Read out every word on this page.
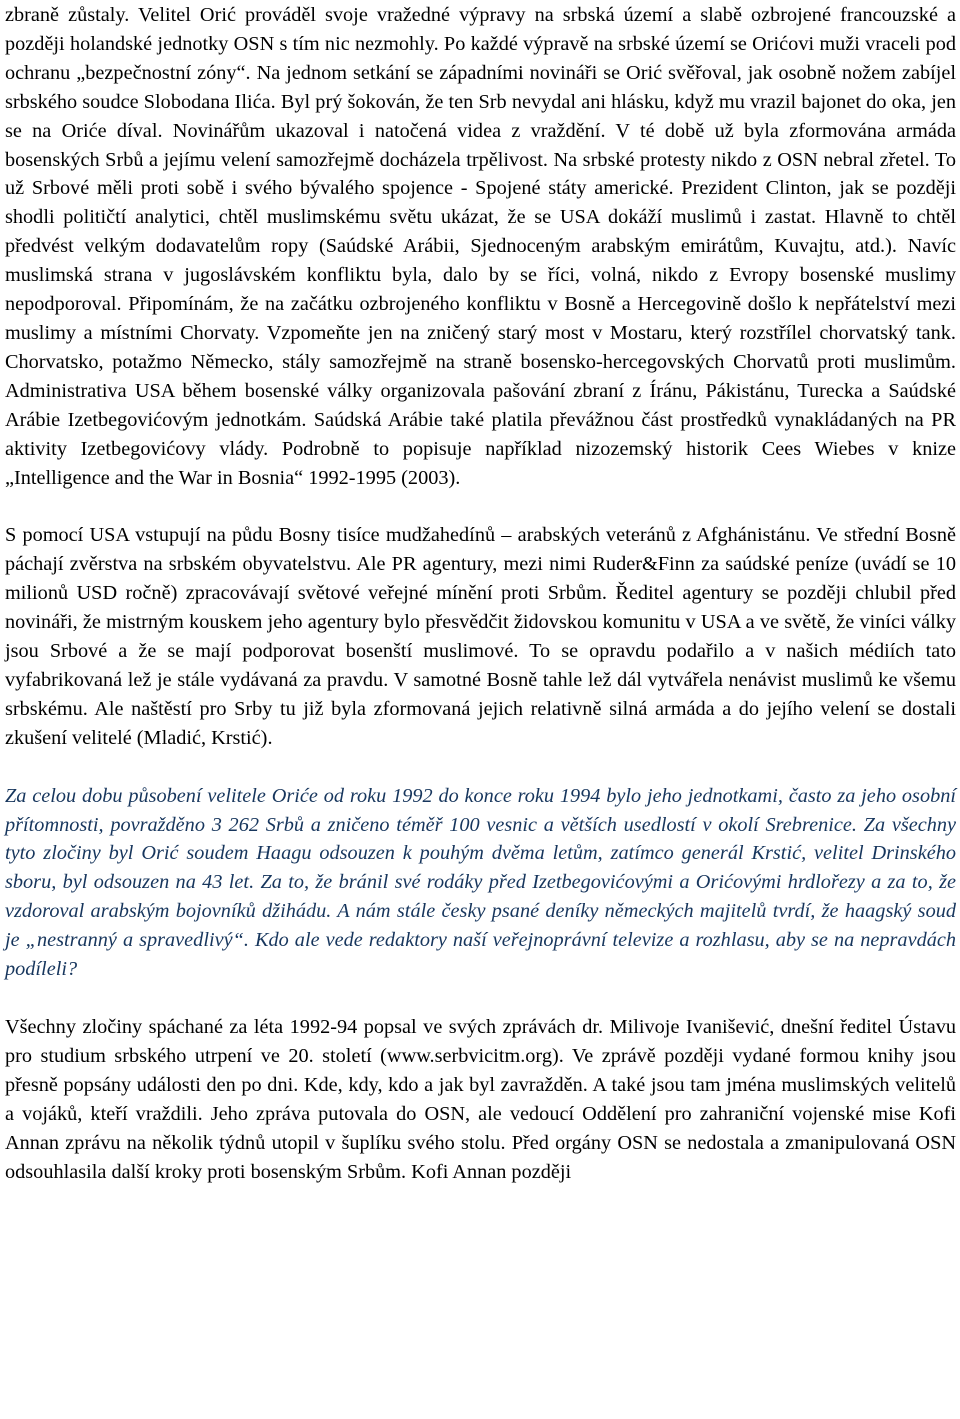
zbraně zůstaly. Velitel Orić prováděl svoje vražedné výpravy na srbská území a slabě ozbrojené francouzské a později holandské jednotky OSN s tím nic nezmohly. Po každé výpravě na srbské území se Orićovi muži vraceli pod ochranu „bezpečnostní zóny“. Na jednom setkání se západními novináři se Orić svěřoval, jak osobně nožem zabíjel srbského soudce Slobodana Ilića. Byl prý šokován, že ten Srb nevydal ani hlásku, když mu vrazil bajonet do oka, jen se na Oriće díval. Novinářům ukazoval i natočená videa z vraždění. V té době už byla zformována armáda bosenských Srbů a jejímu velení samozřejmě docházela trpělivost. Na srbské protesty nikdo z OSN nebral zřetel. To už Srbové měli proti sobě i svého bývalého spojence - Spojené státy americké. Prezident Clinton, jak se později shodli političtí analytici, chtěl muslimskému světu ukázat, že se USA dokáží muslimů i zastat. Hlavně to chtěl předvést velkým dodavatelům ropy (Saúdské Arábii, Sjednoceným arabským emirátům, Kuvajtu, atd.). Navíc muslimská strana v jugoslávském konfliktu byla, dalo by se říci, volná, nikdo z Evropy bosenské muslimy nepodporoval. Připomínám, že na začátku ozbrojeného konfliktu v Bosně a Hercegovině došlo k nepřátelství mezi muslimy a místními Chorvaty. Vzpomeňte jen na zničený starý most v Mostaru, který rozstřílel chorvatský tank. Chorvatsko, potažmo Německo, stály samozřejmě na straně bosensko-hercegovských Chorvatů proti muslimům. Administrativa USA během bosenské války organizovala pašování zbraní z Íránu, Pákistánu, Turecka a Saúdské Arábie Izetbegovićovým jednotkám. Saúdská Arábie také platila převážnou část prostředků vynakládaných na PR aktivity Izetbegovićovy vlády. Podrobně to popisuje například nizozemský historik Cees Wiebes v knize „Intelligence and the War in Bosnia“ 1992-1995 (2003).

S pomocí USA vstupují na půdu Bosny tisíce mudžahedínů – arabských veteránů z Afghánistánu. Ve střední Bosně páchají zvěrstva na srbském obyvatelstvu. Ale PR agentury, mezi nimi Ruder&Finn za saúdské peníze (uvádí se 10 milionů USD ročně) zpracovávají světové veřejné mínění proti Srbům. Ředitel agentury se později chlubil před novináři, že mistrným kouskem jeho agentury bylo přesvědčit židovskou komunitu v USA a ve světě, že viníci války jsou Srbové a že se mají podporovat bosenští muslimové. To se opravdu podařilo a v našich médiích tato vyfabrikovaná lež je stále vydávaná za pravdu. V samotné Bosně tahle lež dál vytvářela nenávist muslimů ke všemu srbskému. Ale naštěstí pro Srby tu již byla zformovaná jejich relativně silná armáda a do jejího velení se dostali zkušení velitelé (Mladić, Krstić).

Za celou dobu působení velitele Oriće od roku 1992 do konce roku 1994 bylo jeho jednotkami, často za jeho osobní přítomnosti, povražděno 3 262 Srbů a zničeno téměř 100 vesnic a větších usedlostí v okolí Srebrenice. Za všechny tyto zločiny byl Orić soudem Haagu odsouzen k pouhým dvěma letům, zatímco generál Krstić, velitel Drinského sboru, byl odsouzen na 43 let. Za to, že bránil své rodáky před Izetbegovićovými a Orićovými hrdlořezy a za to, že vzdoroval arabským bojovníků džihádu. A nám stále česky psané deníky německých majitelů tvrdí, že haagský soud je „nestranný a spravedlivý“. Kdo ale vede redaktory naší veřejnoprávní televize a rozhlasu, aby se na nepravdách podíleli?

Všechny zločiny spáchané za léta 1992-94 popsal ve svých zprávách dr. Milivoje Ivanišević, dnešní ředitel Ústavu pro studium srbského utrpení ve 20. století (www.serbvicitm.org). Ve zprávě později vydané formou knihy jsou přesně popsány události den po dni. Kde, kdy, kdo a jak byl zavražděn. A také jsou tam jména muslimských velitelů a vojáků, kteří vraždili. Jeho zpráva putovala do OSN, ale vedoucí Oddělení pro zahraniční vojenské mise Kofi Annan zprávu na několik týdnů utopil v šuplíku svého stolu. Před orgány OSN se nedostala a zmanipulovaná OSN odsouhlasila další kroky proti bosenským Srbům. Kofi Annan později
